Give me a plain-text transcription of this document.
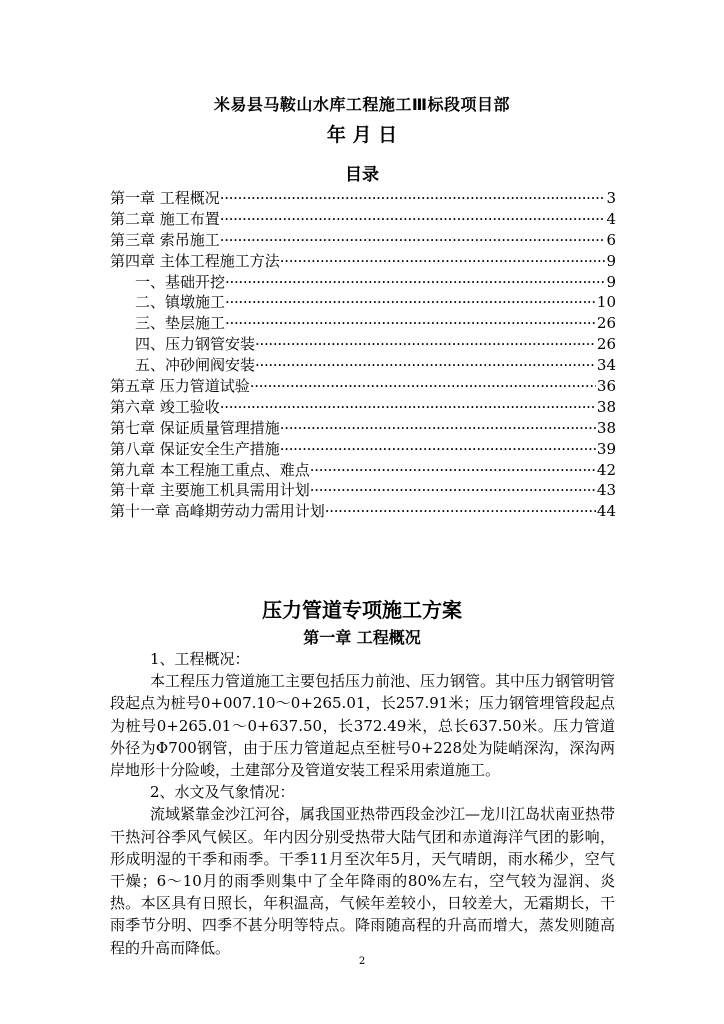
米易县马鞍山水库工程施工Ⅲ标段项目部
年 月 日
目录
第一章 工程概况 ·····	3
第二章 施工布置 ·····	4
第三章 索吊施工 ·····	6
第四章 主体工程施工方法 ·····	9
一、基础开挖 ·····	9
二、镇墩施工 ·····	10
三、垫层施工 ·····	26
四、压力钢管安装 ·····	26
五、冲砂闸阀安装 ·····	34
第五章 压力管道试验 ·····	36
第六章 竣工验收 ·····	38
第七章 保证质量管理措施 ·····	38
第八章 保证安全生产措施 ·····	39
第九章 本工程施工重点、难点 ·····	42
第十章 主要施工机具需用计划 ·····	43
第十一章 高峰期劳动力需用计划 ·····	44
压力管道专项施工方案
第一章 工程概况

1、工程概况：

本工程压力管道施工主要包括压力前池、压力钢管。其中压力钢管明管段起点为桩号0+007.10～0+265.01，长257.91米；压力钢管埋管段起点为桩号0+265.01～0+637.50，长372.49米，总长637.50米。压力管道外径为Φ700钢管，由于压力管道起点至桩号0+228处为陡峭深沟，深沟两岸地形十分险峻，土建部分及管道安装工程采用索道施工。

2、水文及气象情况：

流域紧靠金沙江河谷，属我国亚热带西段金沙江—龙川江岛状南亚热带干热河谷季风气候区。年内因分别受热带大陆气团和赤道海洋气团的影响，形成明湿的干季和雨季。干季11月至次年5月，天气晴朗，雨水稀少，空气干燥；6～10月的雨季则集中了全年降雨的80%左右，空气较为湿润、炎热。本区具有日照长，年积温高，气候年差较小，日较差大，无霜期长，干雨季节分明、四季不甚分明等特点。降雨随高程的升高而增大，蒸发则随高程的升高而降低。

2
